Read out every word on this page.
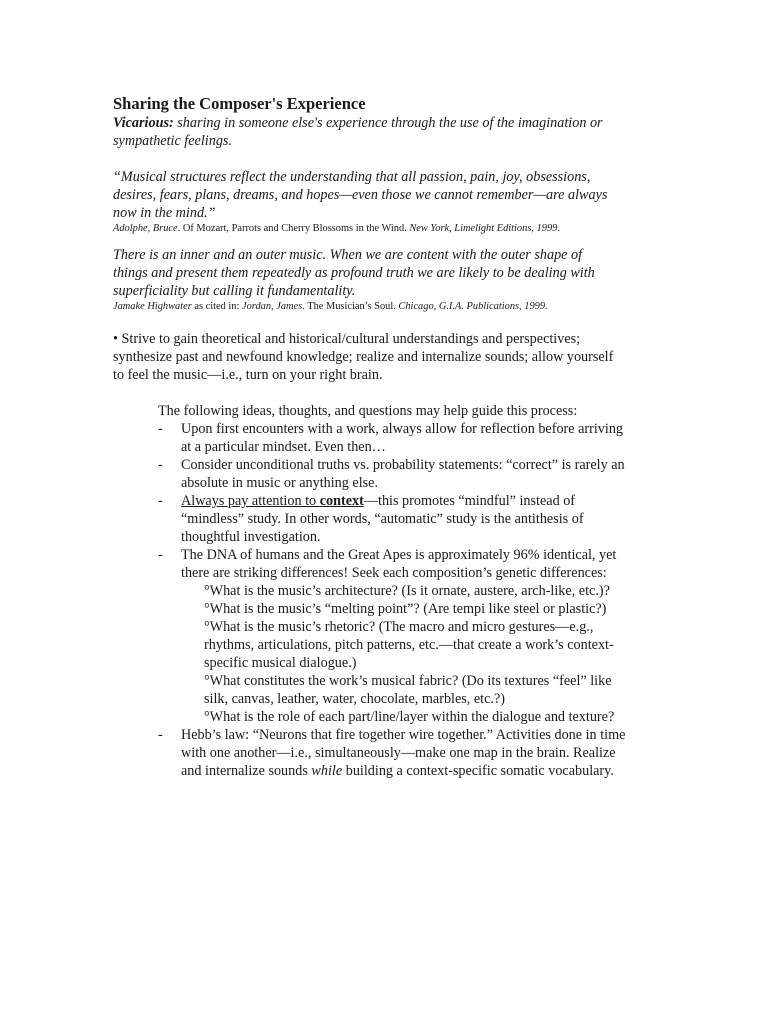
Sharing the Composer's Experience
Vicarious: sharing in someone else's experience through the use of the imagination or
sympathetic feelings.
“Musical structures reflect the understanding that all passion, pain, joy, obsessions,
desires, fears, plans, dreams, and hopes—even those we cannot remember—are always
now in the mind.”
Adolphe, Bruce. Of Mozart, Parrots and Cherry Blossoms in the Wind. New York, Limelight Editions, 1999.
There is an inner and an outer music. When we are content with the outer shape of
things and present them repeatedly as profound truth we are likely to be dealing with
superficiality but calling it fundamentality.
Jamake Highwater as cited in: Jordan, James. The Musician’s Soul. Chicago, G.I.A. Publications, 1999.
• Strive to gain theoretical and historical/cultural understandings and perspectives;
synthesize past and newfound knowledge; realize and internalize sounds; allow yourself
to feel the music—i.e., turn on your right brain.
The following ideas, thoughts, and questions may help guide this process:
- Upon first encounters with a work, always allow for reflection before arriving
at a particular mindset. Even then…
- Consider unconditional truths vs. probability statements: “correct” is rarely an
absolute in music or anything else.
- Always pay attention to context—this promotes “mindful” instead of
“mindless” study. In other words, “automatic” study is the antithesis of
thoughtful investigation.
- The DNA of humans and the Great Apes is approximately 96% identical, yet
there are striking differences! Seek each composition’s genetic differences:
°What is the music’s architecture? (Is it ornate, austere, arch-like, etc.)?
°What is the music’s “melting point”? (Are tempi like steel or plastic?)
°What is the music’s rhetoric? (The macro and micro gestures—e.g.,
rhythms, articulations, pitch patterns, etc.—that create a work’s context-
specific musical dialogue.)
°What constitutes the work’s musical fabric? (Do its textures “feel” like
silk, canvas, leather, water, chocolate, marbles, etc.?)
°What is the role of each part/line/layer within the dialogue and texture?
- Hebb’s law: “Neurons that fire together wire together.” Activities done in time
with one another—i.e., simultaneously—make one map in the brain. Realize
and internalize sounds while building a context-specific somatic vocabulary.
